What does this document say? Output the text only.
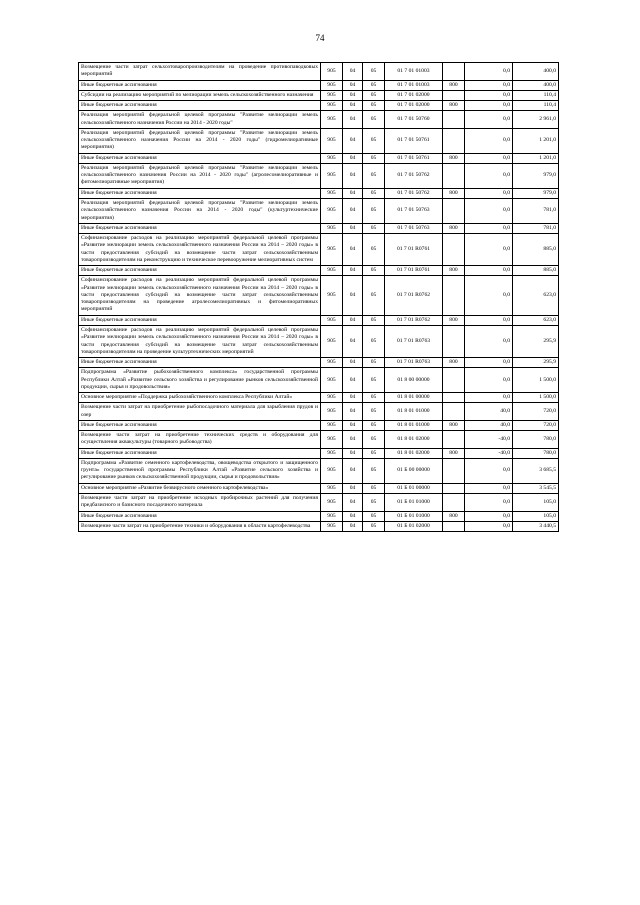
74
Возмещение части затрат сельхозтоваропроизводителям на проведение противопаводковых мероприятий	905	04	05	01 7 01 01003		0,0	400,0
Иные бюджетные ассигнования	905	04	05	01 7 01 01003	800	0,0	400,0
Субсидии на реализацию мероприятий по мелиорации земель сельскохозяйственного назначения	905	04	05	01 7 01 02000		0,0	110,4
Иные бюджетные ассигнования	905	04	05	01 7 01 02000	800	0,0	110,4
Реализация мероприятий федеральной целевой программы "Развитие мелиорации земель сельскохозяйственного назначения России на 2014 - 2020 годы"	905	04	05	01 7 01 50760		0,0	2 961,0
Реализация мероприятий федеральной целевой программы "Развитие мелиорации земель сельскохозяйственного назначения России на 2014 - 2020 годы" (гидромелиоративные мероприятия)	905	04	05	01 7 01 50761		0,0	1 201,0
Иные бюджетные ассигнования	905	04	05	01 7 01 50761	800	0,0	1 201,0
Реализация мероприятий федеральной целевой программы "Развитие мелиорации земель сельскохозяйственного назначения России на 2014 - 2020 годы" (агролесомелиоративные и фитомелиоративные мероприятия)	905	04	05	01 7 01 50762		0,0	979,0
Иные бюджетные ассигнования	905	04	05	01 7 01 50762	800	0,0	979,0
Реализация мероприятий федеральной целевой программы "Развитие мелиорации земель сельскохозяйственного назначения России на 2014 - 2020 годы" (культуртехнические мероприятия)	905	04	05	01 7 01 50763		0,0	781,0
Иные бюджетные ассигнования	905	04	05	01 7 01 50763	800	0,0	781,0
Софинансирование расходов на реализацию мероприятий федеральной целевой программы «Развитие мелиорации земель сельскохозяйственного назначения России на 2014 – 2020 годы» в части предоставления субсидий на возмещение части затрат сельскохозяйственным товаропроизводителям на реконструкцию и техническое перевооружение мелиоративных систем	905	04	05	01 7 01 R0761		0,0	885,0
Иные бюджетные ассигнования	905	04	05	01 7 01 R0761	800	0,0	885,0
Софинансирование расходов на реализацию мероприятий федеральной целевой программы «Развитие мелиорации земель сельскохозяйственного назначения России на 2014 – 2020 годы» в части предоставления субсидий на возмещение части затрат сельскохозяйственным товаропроизводителям на проведение агролесомелиоративных и фитомелиоративных мероприятий	905	04	05	01 7 01 R0762		0,0	623,0
Иные бюджетные ассигнования	905	04	05	01 7 01 R0762	800	0,0	623,0
Софинансирование расходов на реализацию мероприятий федеральной целевой программы «Развитие мелиорации земель сельскохозяйственного назначения России на 2014 – 2020 годы» в части предоставления субсидий на возмещение части затрат сельскохозяйственным товаропроизводителям на проведение культуртехнических мероприятий	905	04	05	01 7 01 R0763		0,0	295,9
Иные бюджетные ассигнования	905	04	05	01 7 01 R0763	800	0,0	295,9
Подпрограмма «Развитие рыбохозяйственного комплекса» государственной программы Республики Алтай «Развитие сельского хозяйства и регулирование рынков сельскохозяйственной продукции, сырья и продовольствия»	905	04	05	01 8 00 00000		0,0	1 500,0
Основное мероприятие «Поддержка рыбохозяйственного комплекса Республики Алтай»	905	04	05	01 8 01 00000		0,0	1 500,0
Возмещение части затрат на приобретение рыбопосадочного материала для зарыбления прудов и озер	905	04	05	01 8 01 01000		40,0	720,0
Иные бюджетные ассигнования	905	04	05	01 8 01 01000	800	40,0	720,0
Возмещение части затрат на приобретение технических средств и оборудования для осуществления аквакультуры (товарного рыбоводства)	905	04	05	01 8 01 02000		-40,0	780,0
Иные бюджетные ассигнования	905	04	05	01 8 01 02000	800	-40,0	780,0
Подпрограмма «Развитие семенного картофелеводства, овощеводства открытого и защищенного грунта» государственной программы Республики Алтай «Развитие сельского хозяйства и регулирование рынков сельскохозяйственной продукции, сырья и продовольствия»	905	04	05	01 Б 00 00000		0,0	3 685,5
Основное мероприятие «Развитие безвирусного семенного картофелеводства»	905	04	05	01 Б 01 00000		0,0	3 545,5
Возмещение части затрат на приобретение исходных пробирочных растений для получения предбазисного и базисного посадочного материала	905	04	05	01 Б 01 01000		0,0	105,0
Иные бюджетные ассигнования	905	04	05	01 Б 01 01000	800	0,0	105,0
Возмещение части затрат на приобретение техники и оборудования в области картофелеводства	905	04	05	01 Б 01 02000		0,0	3 440,5
